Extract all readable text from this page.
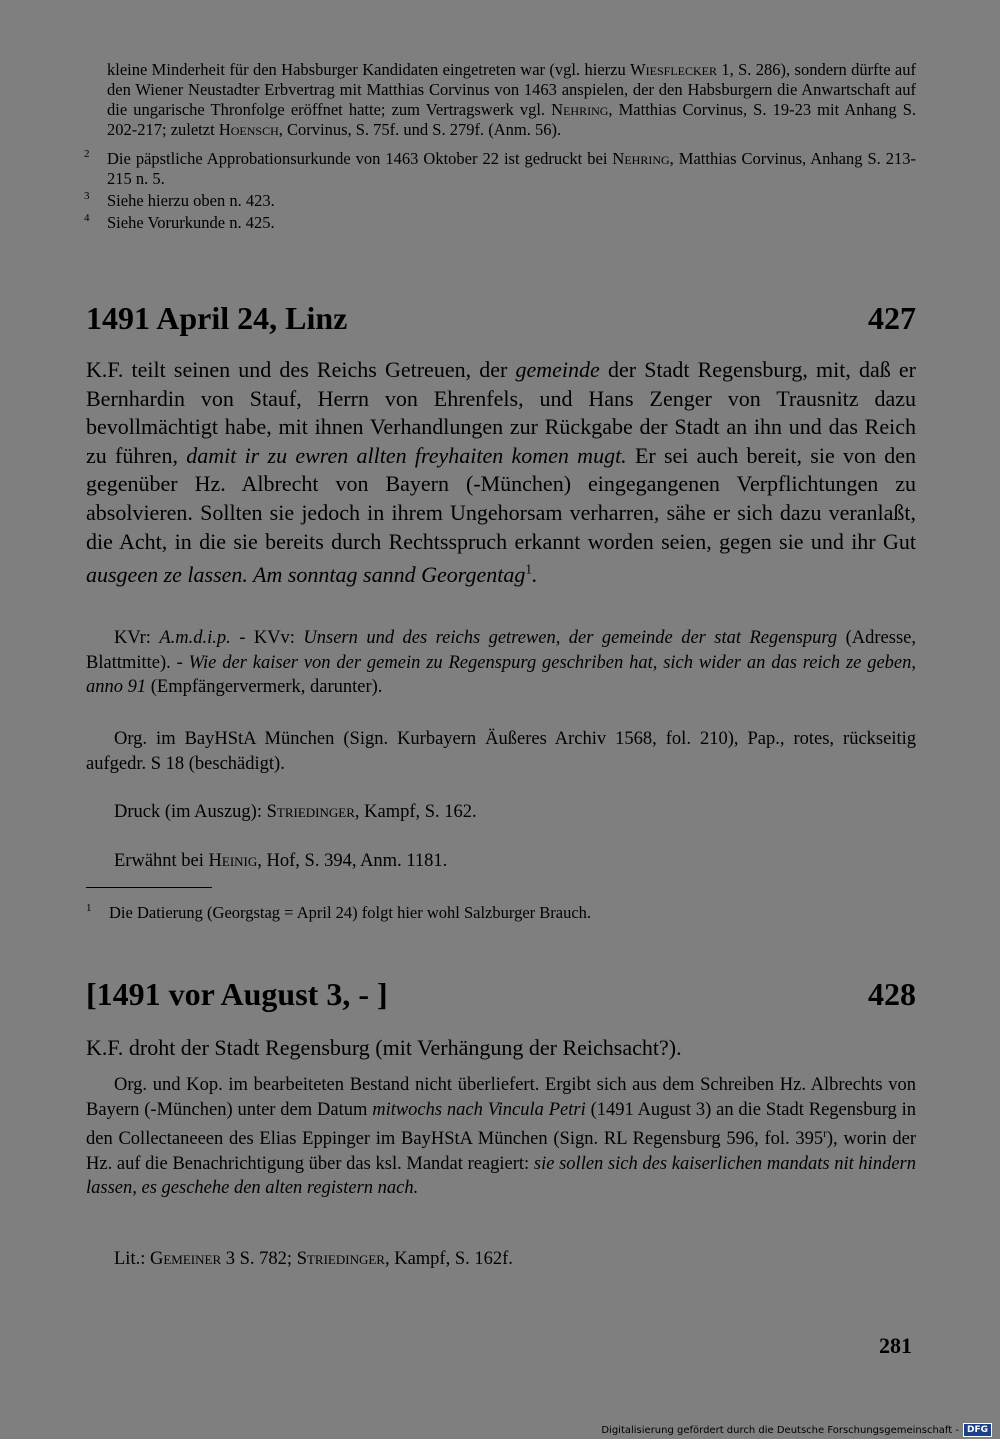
kleine Minderheit für den Habsburger Kandidaten eingetreten war (vgl. hierzu Wiesflecker 1, S. 286), sondern dürfte auf den Wiener Neustadter Erbvertrag mit Matthias Corvinus von 1463 anspielen, der den Habsburgern die Anwartschaft auf die ungarische Thronfolge eröffnet hatte; zum Vertragswerk vgl. Nehring, Matthias Corvinus, S. 19-23 mit Anhang S. 202-217; zuletzt Hoensch, Corvinus, S. 75f. und S. 279f. (Anm. 56).
2 Die päpstliche Approbationsurkunde von 1463 Oktober 22 ist gedruckt bei Nehring, Matthias Corvinus, Anhang S. 213-215 n. 5.
3 Siehe hierzu oben n. 423.
4 Siehe Vorurkunde n. 425.
1491 April 24, Linz	427
K.F. teilt seinen und des Reichs Getreuen, der gemeinde der Stadt Regensburg, mit, daß er Bernhardin von Stauf, Herrn von Ehrenfels, und Hans Zenger von Trausnitz dazu bevollmächtigt habe, mit ihnen Verhandlungen zur Rückgabe der Stadt an ihn und das Reich zu führen, damit ir zu ewren allten freyhaiten komen mugt. Er sei auch bereit, sie von den gegenüber Hz. Albrecht von Bayern (-München) eingegangenen Verpflichtungen zu absolvieren. Sollten sie jedoch in ihrem Ungehorsam verharren, sähe er sich dazu veranlaßt, die Acht, in die sie bereits durch Rechtsspruch erkannt worden seien, gegen sie und ihr Gut ausgeen ze lassen. Am sonntag sannd Georgentag$^1$.
KVr: A.m.d.i.p. - KVv: Unsern und des reichs getrewen, der gemeinde der stat Regenspurg (Adresse, Blattmitte). - Wie der kaiser von der gemein zu Regenspurg geschriben hat, sich wider an das reich ze geben, anno 91 (Empfängervermerk, darunter).
Org. im BayHStA München (Sign. Kurbayern Äußeres Archiv 1568, fol. 210), Pap., rotes, rückseitig aufgedr. S 18 (beschädigt).
Druck (im Auszug): Striedinger, Kampf, S. 162.
Erwähnt bei Heinig, Hof, S. 394, Anm. 1181.
1 Die Datierung (Georgstag = April 24) folgt hier wohl Salzburger Brauch.
[1491 vor August 3, - ]	428
K.F. droht der Stadt Regensburg (mit Verhängung der Reichsacht?).
Org. und Kop. im bearbeiteten Bestand nicht überliefert. Ergibt sich aus dem Schreiben Hz. Albrechts von Bayern (-München) unter dem Datum mitwochs nach Vincula Petri (1491 August 3) an die Stadt Regensburg in den Collectaneeen des Elias Eppinger im BayHStA München (Sign. RL Regensburg 596, fol. 395$^r$), worin der Hz. auf die Benachrichtigung über das ksl. Mandat reagiert: sie sollen sich des kaiserlichen mandats nit hindern lassen, es geschehe den alten registern nach.
Lit.: Gemeiner 3 S. 782; Striedinger, Kampf, S. 162f.
281
Digitalisierung gefördert durch die Deutsche Forschungsgemeinschaft - DFG
